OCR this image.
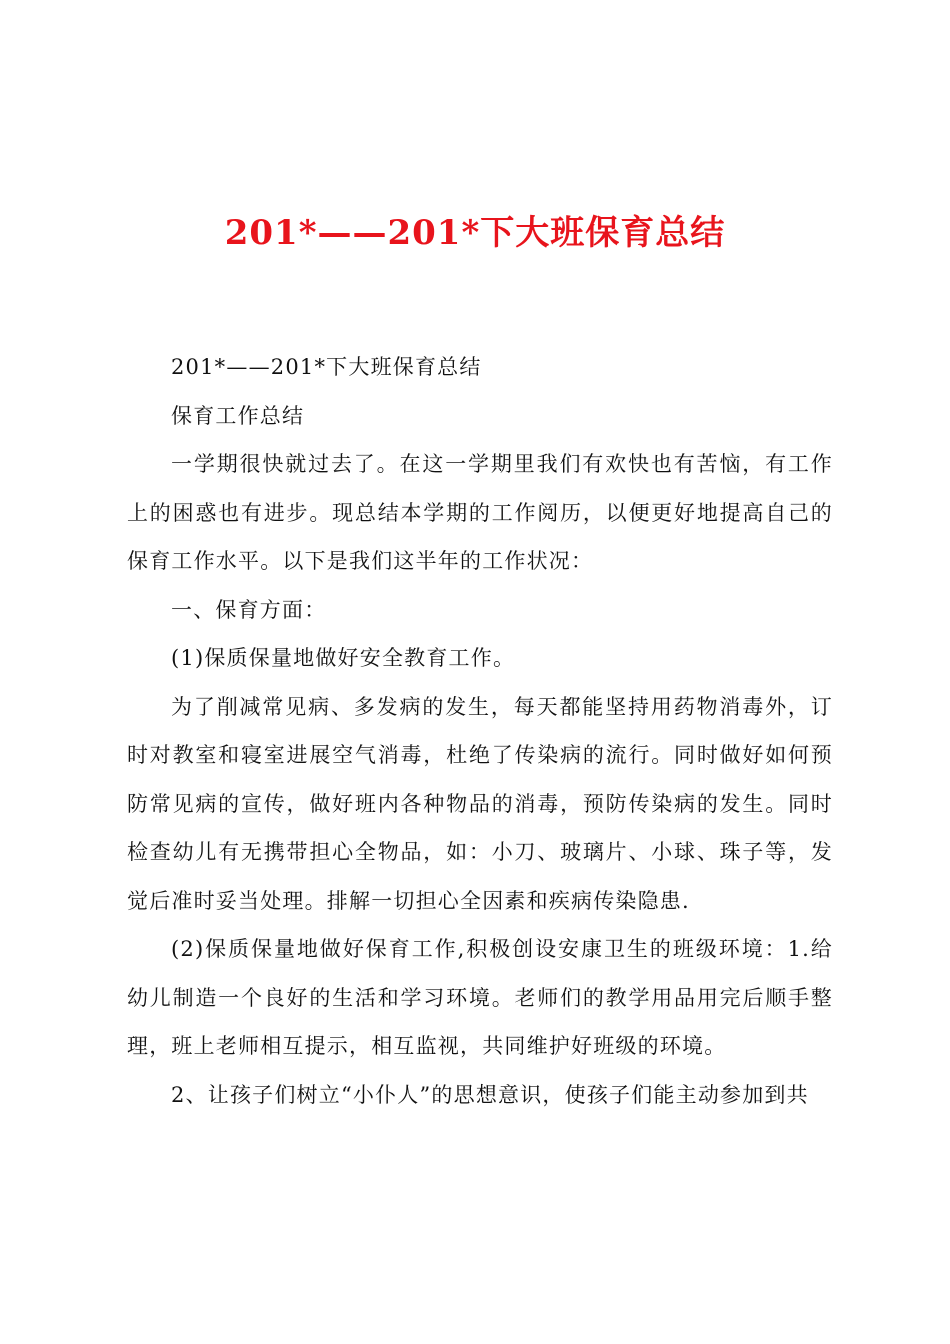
201*——201*下大班保育总结

201*——201*下大班保育总结

保育工作总结

一学期很快就过去了。在这一学期里我们有欢快也有苦恼，有工作上的困惑也有进步。现总结本学期的工作阅历，以便更好地提高自己的保育工作水平。以下是我们这半年的工作状况：

一、保育方面：

(1)保质保量地做好安全教育工作。

为了削减常见病、多发病的发生，每天都能坚持用药物消毒外，订时对教室和寝室进展空气消毒，杜绝了传染病的流行。同时做好如何预防常见病的宣传，做好班内各种物品的消毒，预防传染病的发生。同时检查幼儿有无携带担心全物品，如：小刀、玻璃片、小球、珠子等，发觉后准时妥当处理。排解一切担心全因素和疾病传染隐患.

(2)保质保量地做好保育工作,积极创设安康卫生的班级环境：1.给幼儿制造一个良好的生活和学习环境。老师们的教学用品用完后顺手整理，班上老师相互提示，相互监视，共同维护好班级的环境。

2、让孩子们树立“小仆人”的思想意识，使孩子们能主动参加到共
